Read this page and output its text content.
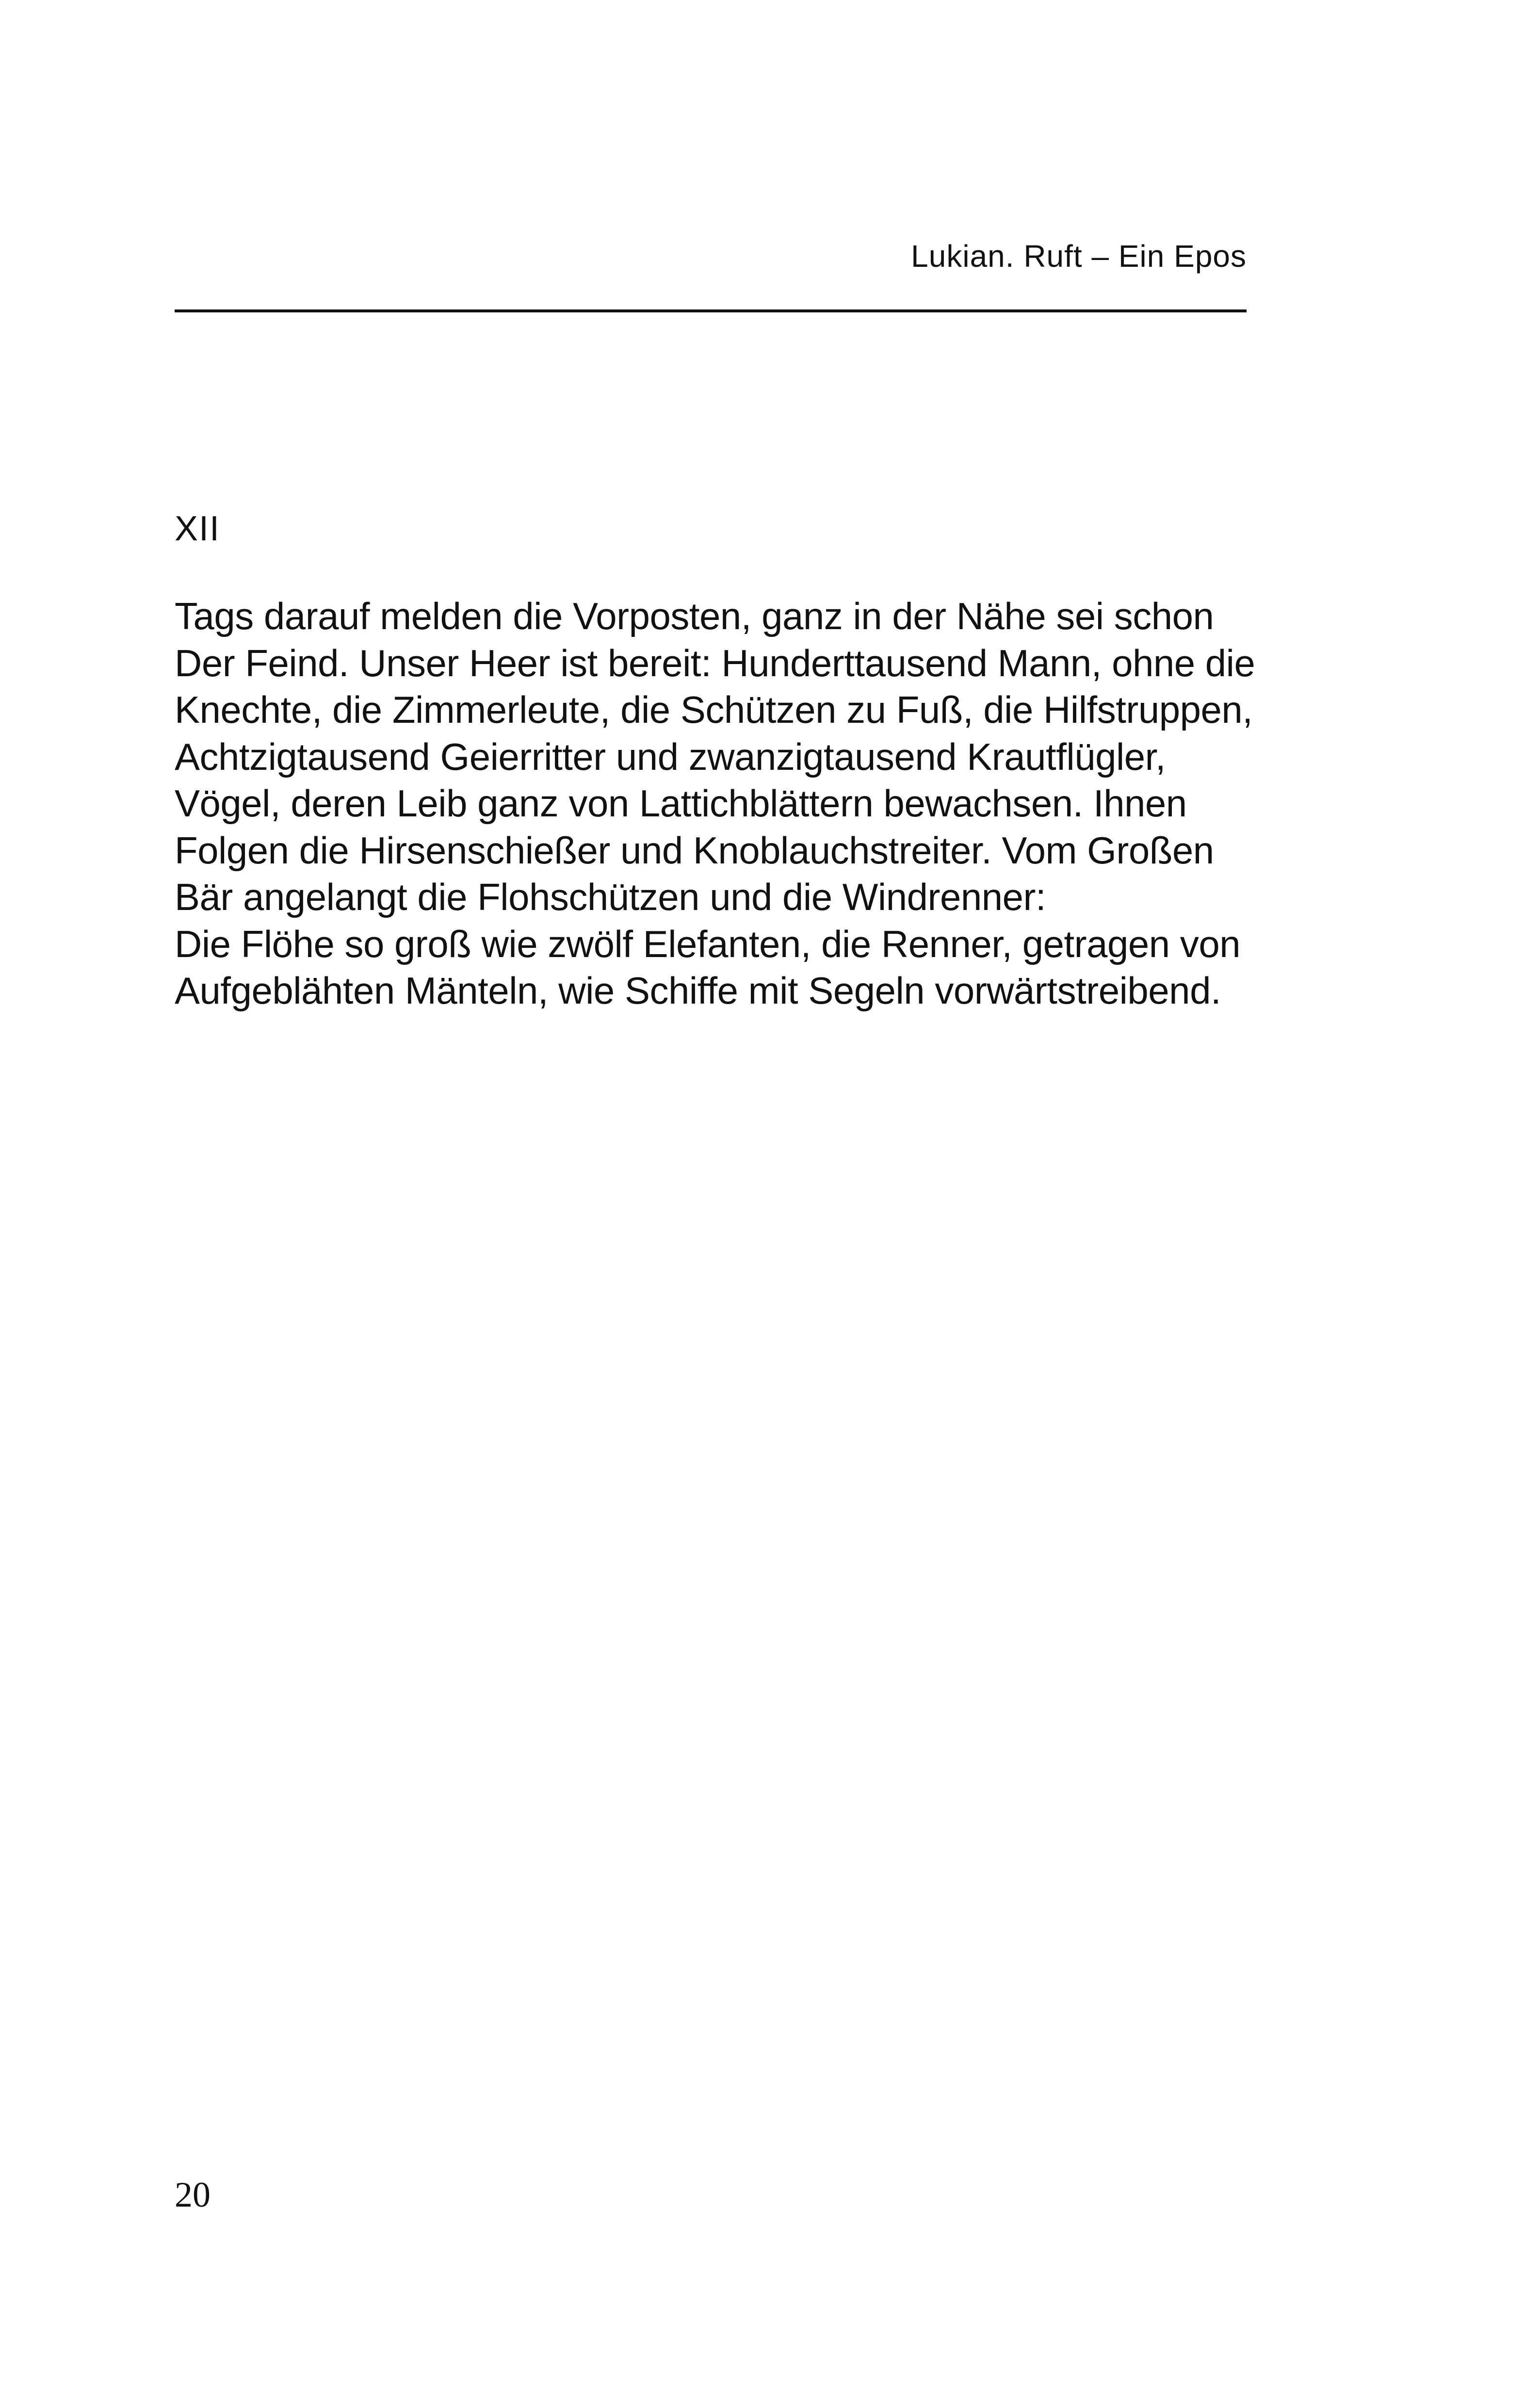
Lukian. Ruft – Ein Epos
XII
Tags darauf melden die Vorposten, ganz in der Nähe sei schon
Der Feind. Unser Heer ist bereit: Hunderttausend Mann, ohne die
Knechte, die Zimmerleute, die Schützen zu Fuß, die Hilfstruppen,
Achtzigtausend Geierritter und zwanzigtausend Krautflügler,
Vögel, deren Leib ganz von Lattichblättern bewachsen. Ihnen
Folgen die Hirsenschießer und Knoblauchstreiter. Vom Großen
Bär angelangt die Flohschützen und die Windrenner:
Die Flöhe so groß wie zwölf Elefanten, die Renner, getragen von
Aufgeblähten Mänteln, wie Schiffe mit Segeln vorwärtstreibend.
20
